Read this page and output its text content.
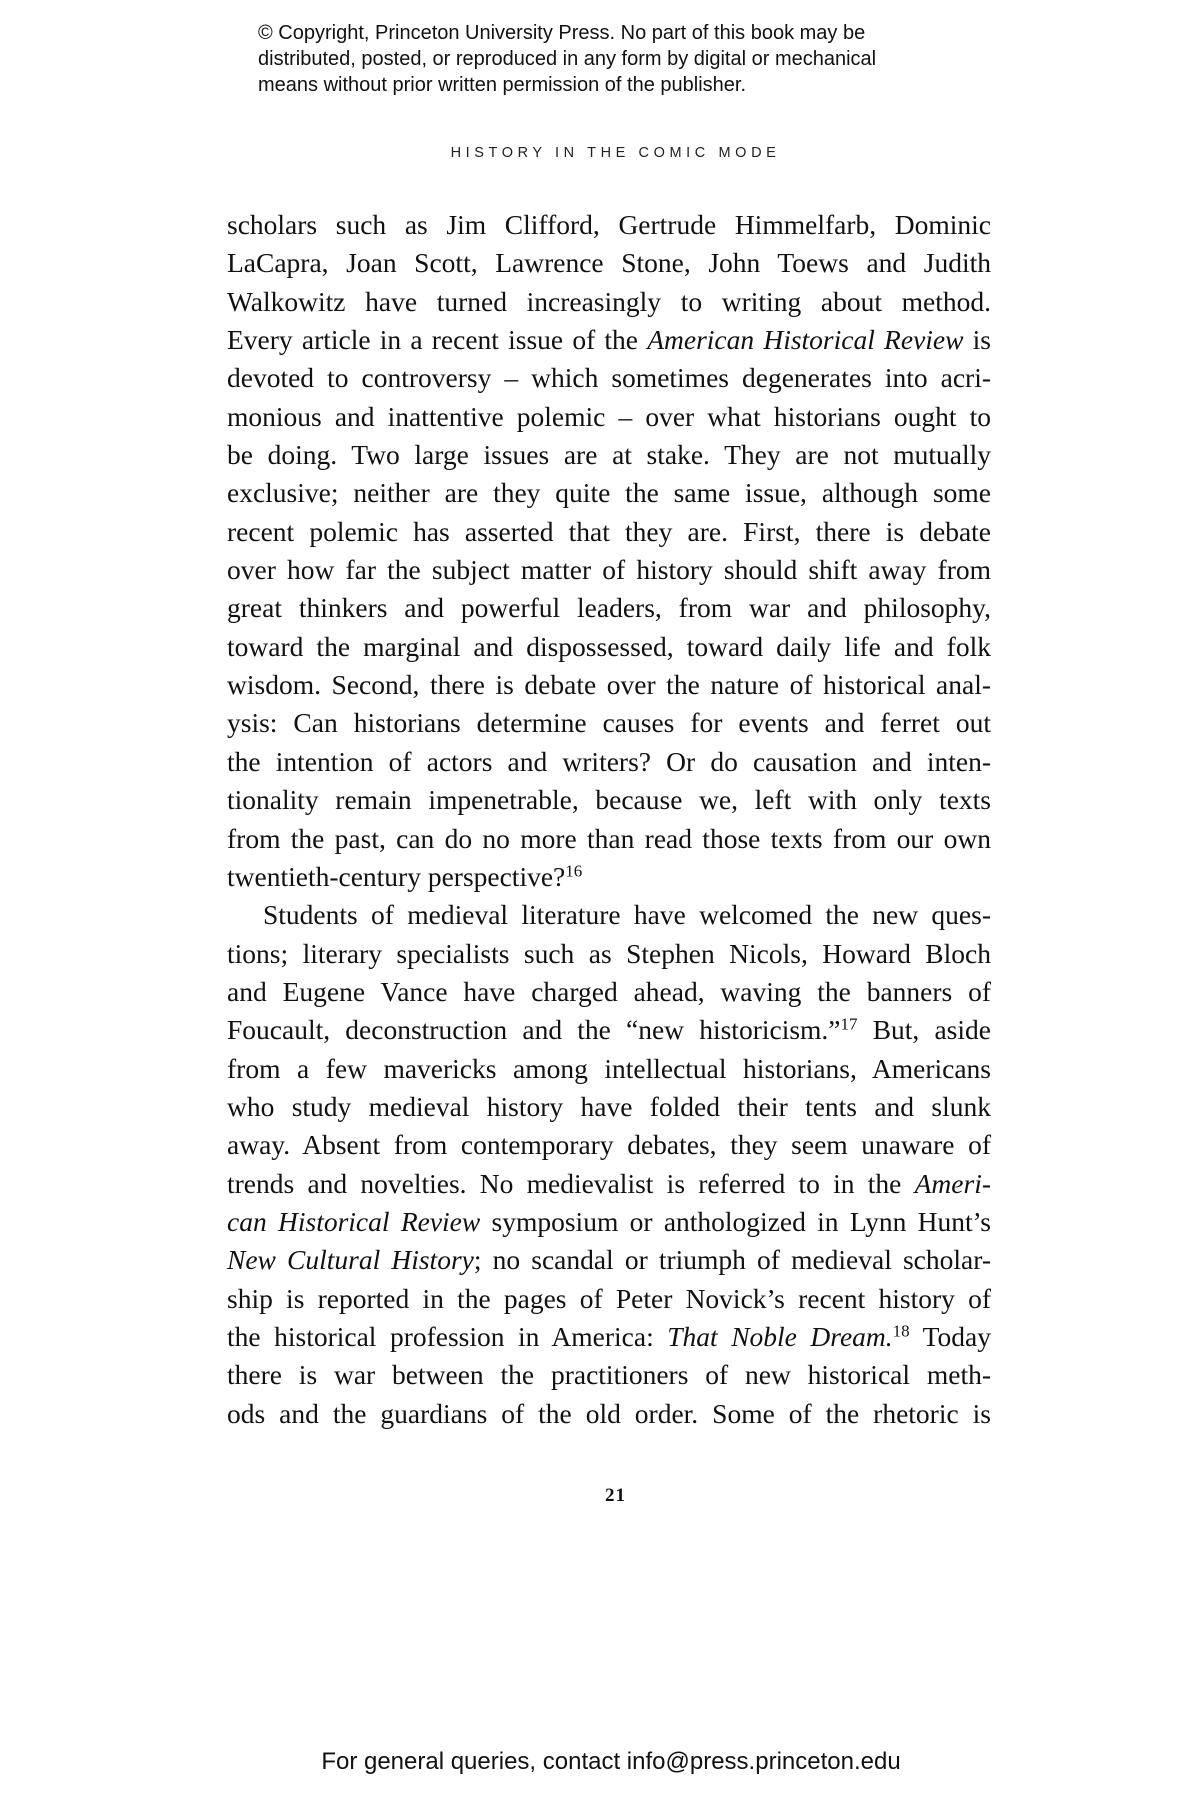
© Copyright, Princeton University Press. No part of this book may be
distributed, posted, or reproduced in any form by digital or mechanical
means without prior written permission of the publisher.
HISTORY IN THE COMIC MODE
scholars such as Jim Clifford, Gertrude Himmelfarb, Dominic
LaCapra, Joan Scott, Lawrence Stone, John Toews and Judith
Walkowitz have turned increasingly to writing about method.
Every article in a recent issue of the American Historical Review is
devoted to controversy – which sometimes degenerates into acri-
monious and inattentive polemic – over what historians ought to
be doing. Two large issues are at stake. They are not mutually
exclusive; neither are they quite the same issue, although some
recent polemic has asserted that they are. First, there is debate
over how far the subject matter of history should shift away from
great thinkers and powerful leaders, from war and philosophy,
toward the marginal and dispossessed, toward daily life and folk
wisdom. Second, there is debate over the nature of historical anal-
ysis: Can historians determine causes for events and ferret out
the intention of actors and writers? Or do causation and inten-
tionality remain impenetrable, because we, left with only texts
from the past, can do no more than read those texts from our own
twentieth-century perspective?$^{16}$
Students of medieval literature have welcomed the new ques-
tions; literary specialists such as Stephen Nicols, Howard Bloch
and Eugene Vance have charged ahead, waving the banners of
Foucault, deconstruction and the “new historicism.”$^{17}$ But, aside
from a few mavericks among intellectual historians, Americans
who study medieval history have folded their tents and slunk
away. Absent from contemporary debates, they seem unaware of
trends and novelties. No medievalist is referred to in the Ameri-
can Historical Review symposium or anthologized in Lynn Hunt’s
New Cultural History; no scandal or triumph of medieval scholar-
ship is reported in the pages of Peter Novick’s recent history of
the historical profession in America: That Noble Dream.$^{18}$ Today
there is war between the practitioners of new historical meth-
ods and the guardians of the old order. Some of the rhetoric is
21
For general queries, contact info@press.princeton.edu
